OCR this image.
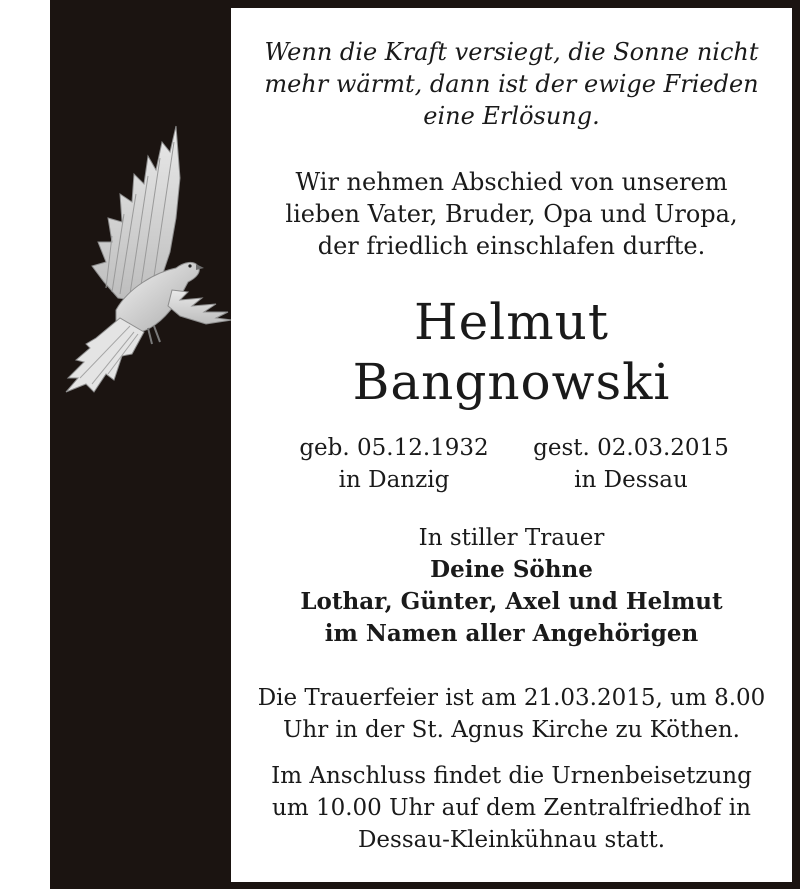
Wenn die Kraft versiegt, die Sonne nicht
mehr wärmt, dann ist der ewige Frieden
eine Erlösung.
Wir nehmen Abschied von unserem
lieben Vater, Bruder, Opa und Uropa,
der friedlich einschlafen durfte.
Helmut
Bangnowski
geb. 05.12.1932
in Danzig
gest. 02.03.2015
in Dessau
In stiller Trauer
Deine Söhne
Lothar, Günter, Axel und Helmut
im Namen aller Angehörigen
Die Trauerfeier ist am 21.03.2015, um 8.00
Uhr in der St. Agnus Kirche zu Köthen.
Im Anschluss findet die Urnenbeisetzung
um 10.00 Uhr auf dem Zentralfriedhof in
Dessau-Kleinkühnau statt.
